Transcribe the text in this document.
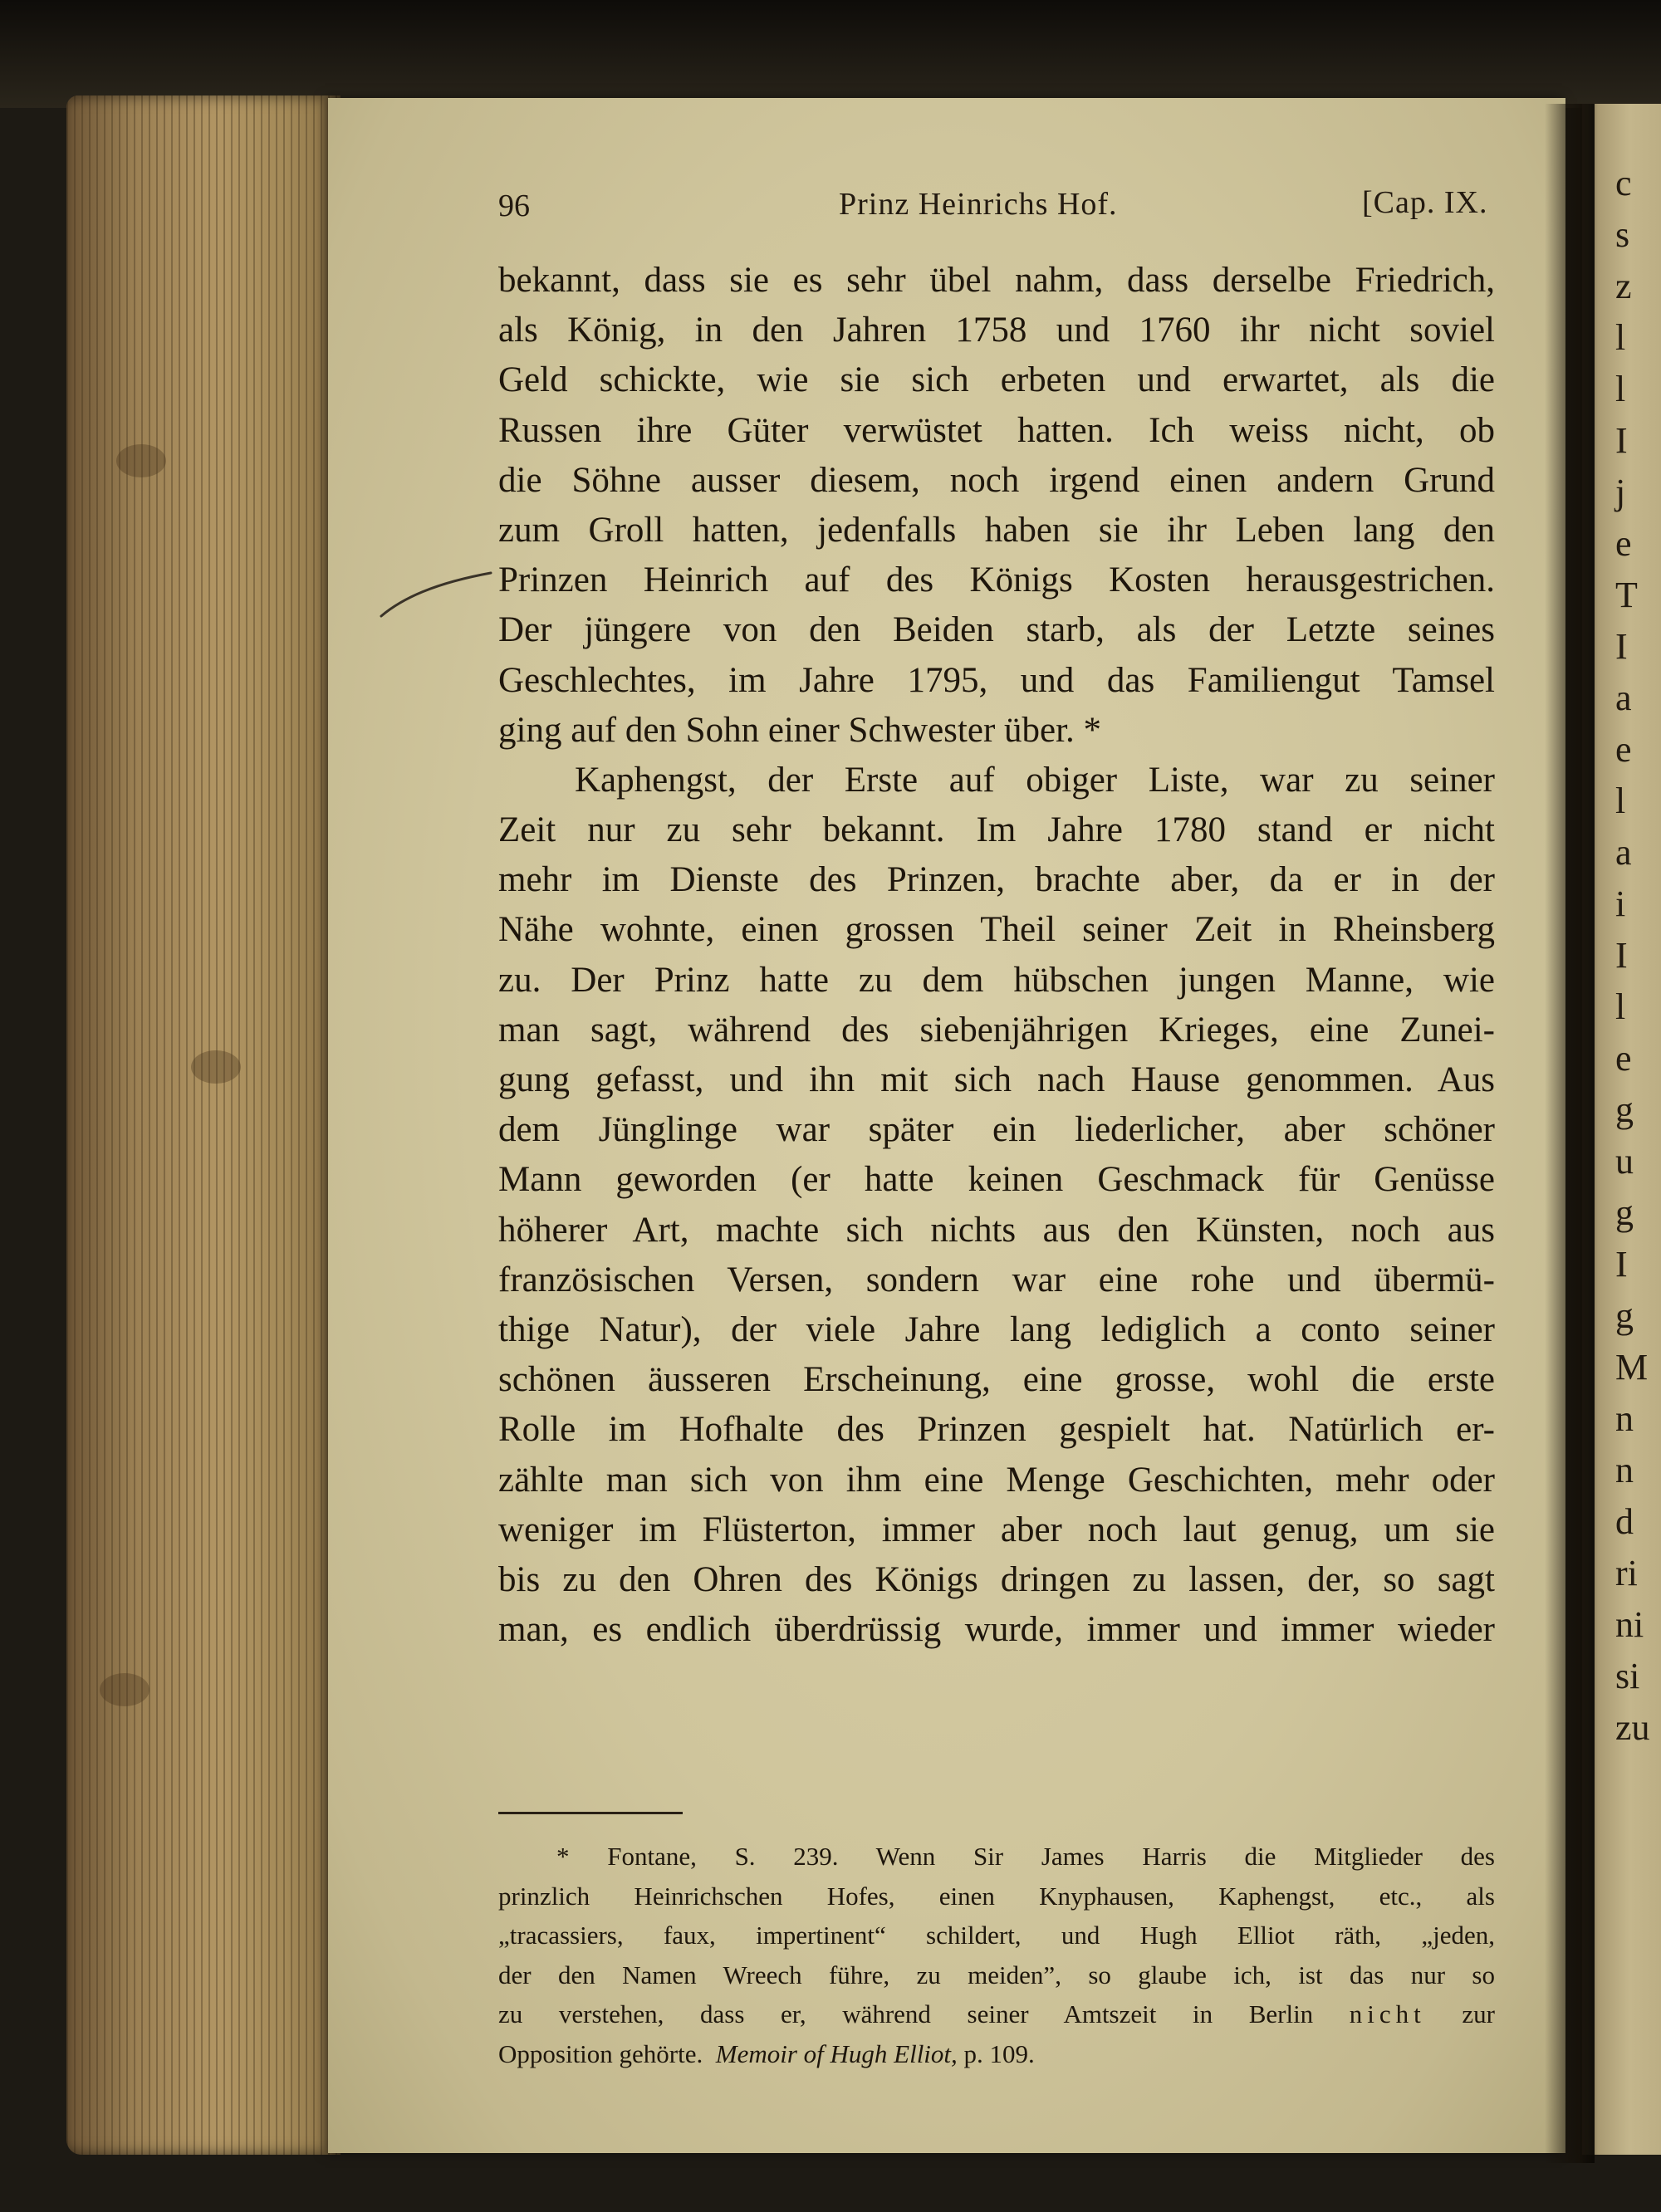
c
s
z
l
l
I
j
e
T
I
a
e
l
a
i
I
l
e
g
u
g
I
g
M
n
n
d
ri
ni
si
zu
96	Prinz Heinrichs Hof.	[Cap. IX.
bekannt, dass sie es sehr übel nahm, dass derselbe Friedrich,
als König, in den Jahren 1758 und 1760 ihr nicht soviel
Geld schickte, wie sie sich erbeten und erwartet, als die
Russen ihre Güter verwüstet hatten. Ich weiss nicht, ob
die Söhne ausser diesem, noch irgend einen andern Grund
zum Groll hatten, jedenfalls haben sie ihr Leben lang den
Prinzen Heinrich auf des Königs Kosten herausgestrichen.
Der jüngere von den Beiden starb, als der Letzte seines
Geschlechtes, im Jahre 1795, und das Familiengut Tamsel
ging auf den Sohn einer Schwester über. *
Kaphengst, der Erste auf obiger Liste, war zu seiner
Zeit nur zu sehr bekannt. Im Jahre 1780 stand er nicht
mehr im Dienste des Prinzen, brachte aber, da er in der
Nähe wohnte, einen grossen Theil seiner Zeit in Rheinsberg
zu. Der Prinz hatte zu dem hübschen jungen Manne, wie
man sagt, während des siebenjährigen Krieges, eine Zunei-
gung gefasst, und ihn mit sich nach Hause genommen. Aus
dem Jünglinge war später ein liederlicher, aber schöner
Mann geworden (er hatte keinen Geschmack für Genüsse
höherer Art, machte sich nichts aus den Künsten, noch aus
französischen Versen, sondern war eine rohe und übermü-
thige Natur), der viele Jahre lang lediglich a conto seiner
schönen äusseren Erscheinung, eine grosse, wohl die erste
Rolle im Hofhalte des Prinzen gespielt hat. Natürlich er-
zählte man sich von ihm eine Menge Geschichten, mehr oder
weniger im Flüsterton, immer aber noch laut genug, um sie
bis zu den Ohren des Königs dringen zu lassen, der, so sagt
man, es endlich überdrüssig wurde, immer und immer wieder
* Fontane, S. 239. Wenn Sir James Harris die Mitglieder des
prinzlich Heinrichschen Hofes, einen Knyphausen, Kaphengst, etc., als
„tracassiers, faux, impertinent“ schildert, und Hugh Elliot räth, „jeden,
der den Namen Wreech führe, zu meiden”, so glaube ich, ist das nur so
zu verstehen, dass er, während seiner Amtszeit in Berlin nicht zur
Opposition gehörte. Memoir of Hugh Elliot, p. 109.
